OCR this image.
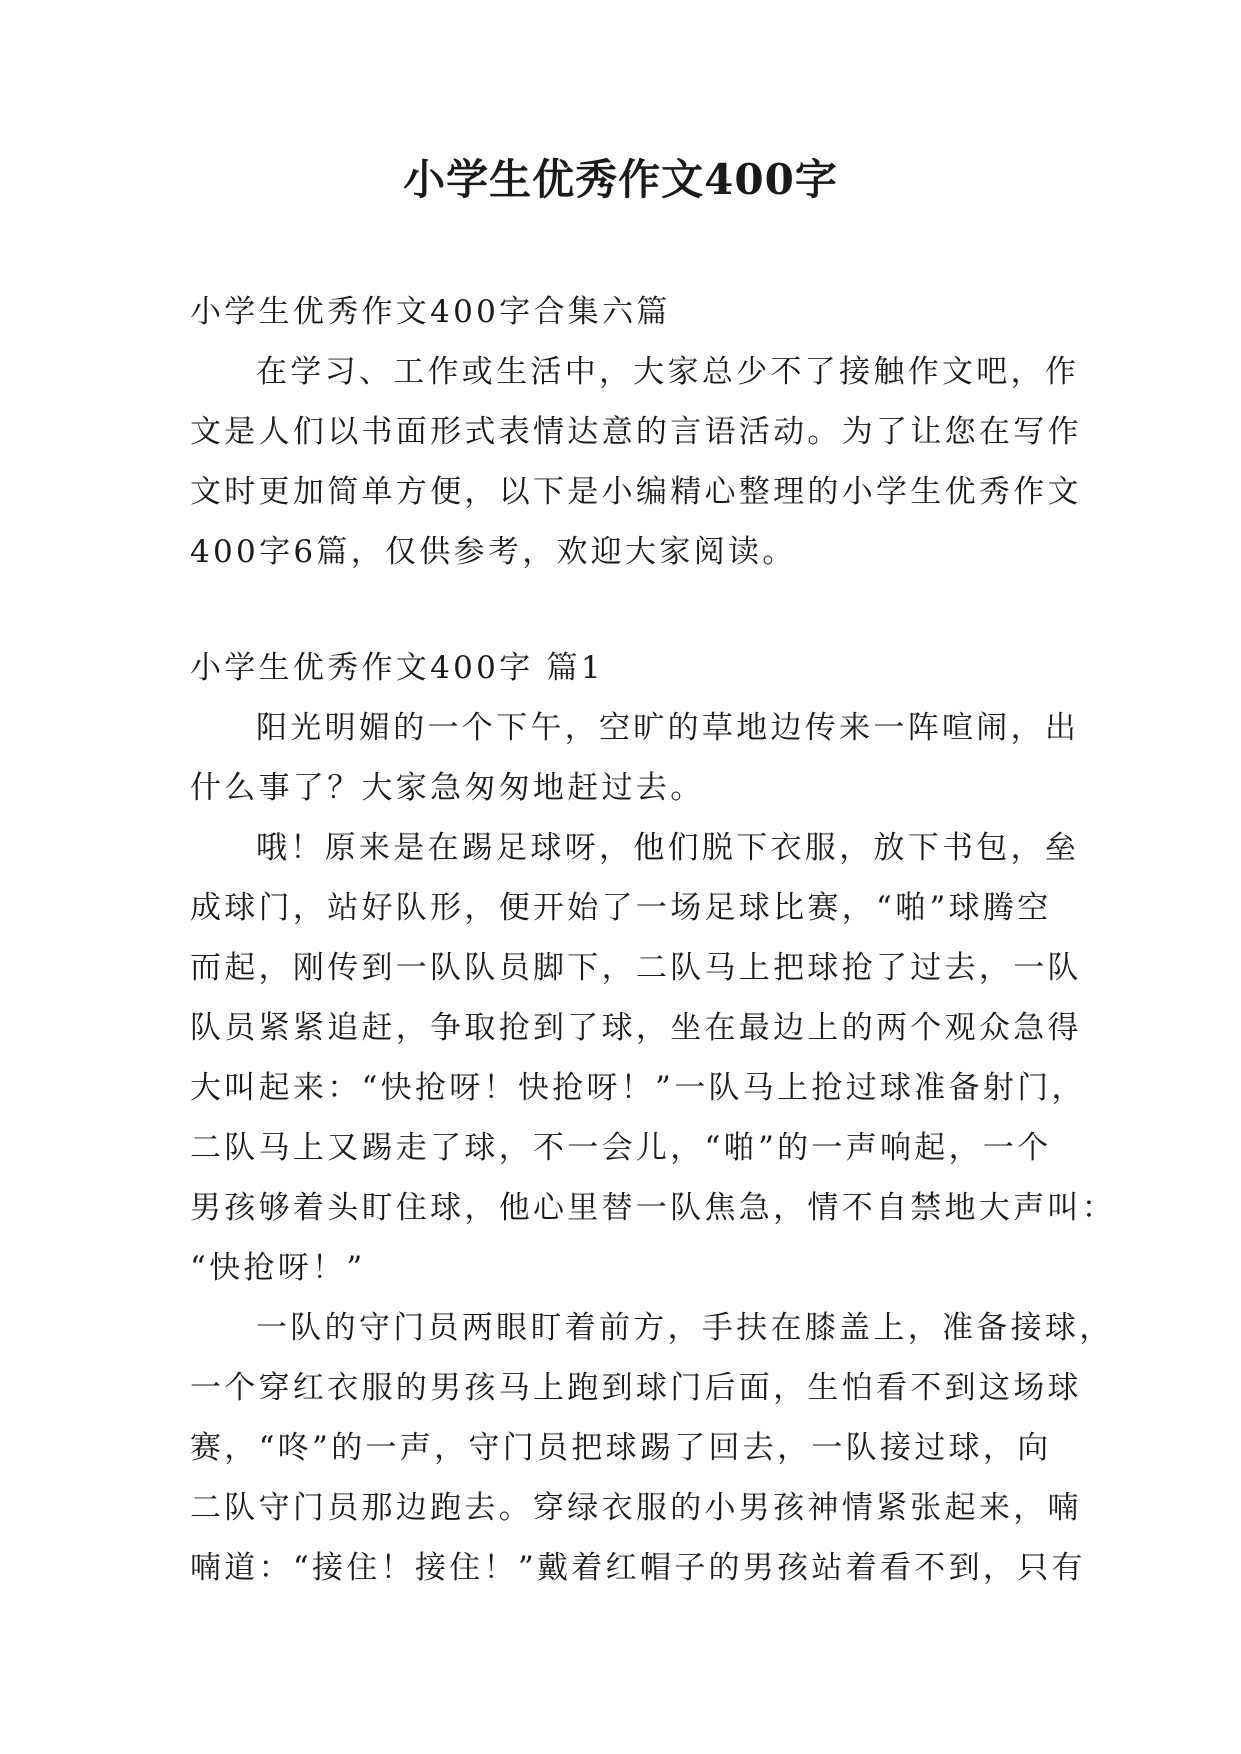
小学生优秀作文400字
小学生优秀作文400字合集六篇
在学习、工作或生活中，大家总少不了接触作文吧，作
文是人们以书面形式表情达意的言语活动。为了让您在写作
文时更加简单方便，以下是小编精心整理的小学生优秀作文
400字6篇，仅供参考，欢迎大家阅读。
小学生优秀作文400字 篇1
阳光明媚的一个下午，空旷的草地边传来一阵喧闹，出
什么事了？大家急匆匆地赶过去。
哦！原来是在踢足球呀，他们脱下衣服，放下书包，垒
成球门，站好队形，便开始了一场足球比赛，“啪”球腾空
而起，刚传到一队队员脚下，二队马上把球抢了过去，一队
队员紧紧追赶，争取抢到了球，坐在最边上的两个观众急得
大叫起来：“快抢呀！快抢呀！”一队马上抢过球准备射门，
二队马上又踢走了球，不一会儿，“啪”的一声响起，一个
男孩够着头盯住球，他心里替一队焦急，情不自禁地大声叫：
“快抢呀！”
一队的守门员两眼盯着前方，手扶在膝盖上，准备接球，
一个穿红衣服的男孩马上跑到球门后面，生怕看不到这场球
赛，“咚”的一声，守门员把球踢了回去，一队接过球，向
二队守门员那边跑去。穿绿衣服的小男孩神情紧张起来，喃
喃道：“接住！接住！”戴着红帽子的男孩站着看不到，只有
